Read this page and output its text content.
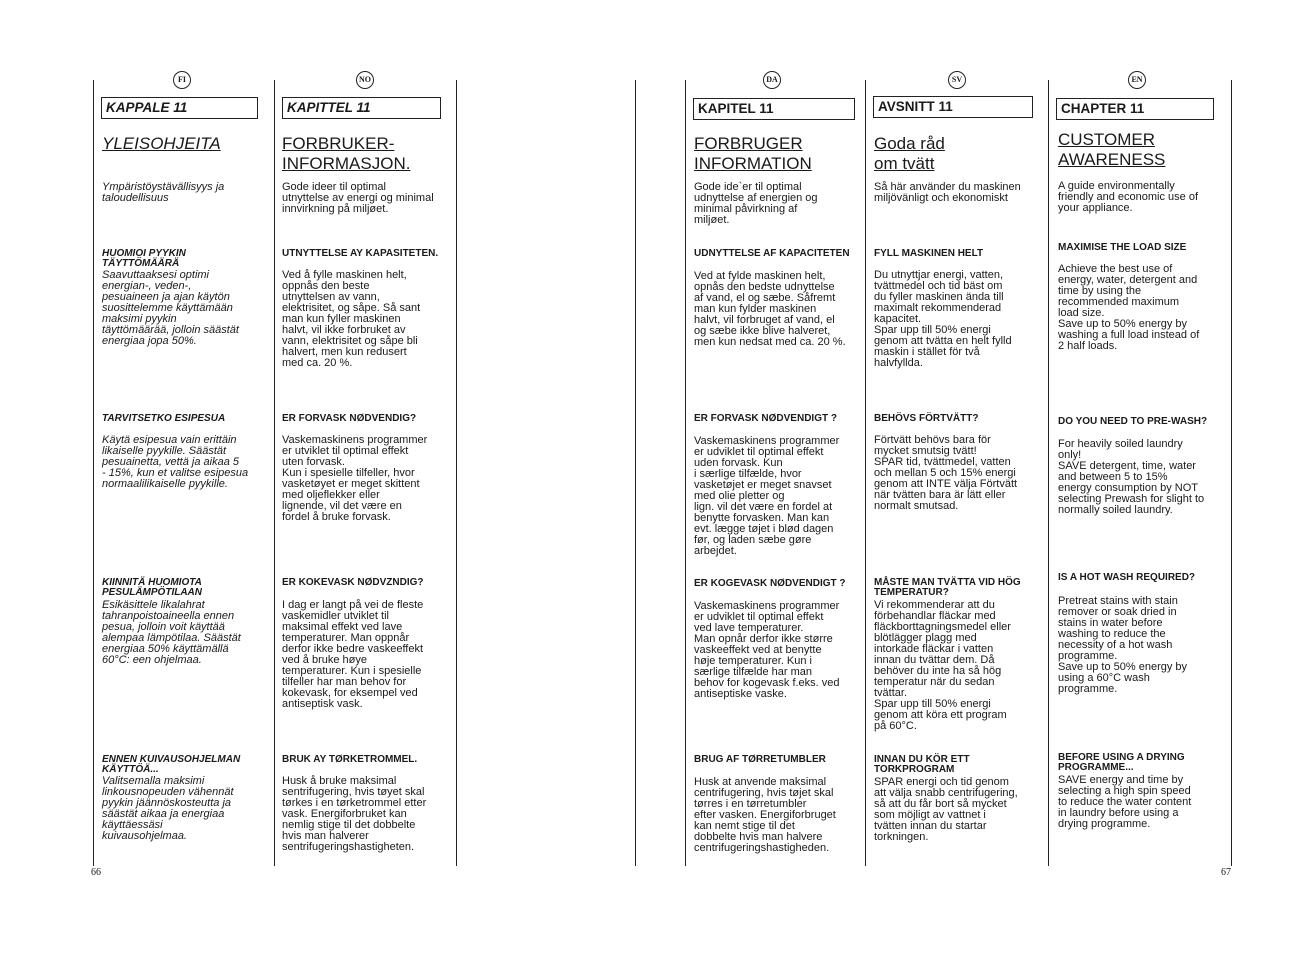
FI
KAPPALE 11
YLEISOHJEITA
Ympäristöystävällisyys ja
taloudellisuus
HUOMIOI PYYKIN
TÄYTTÖMÄÄRÄ
Saavuttaaksesi optimi
energian-, veden-,
pesuaineen ja ajan käytön
suosittelemme käyttämään
maksimi pyykin
täyttömäärää, jolloin säästät
energiaa jopa 50%.
TARVITSETKO ESIPESUA
Käytä esipesua vain erittäin
likaiselle pyykille. Säästät
pesuainetta, vettä ja aikaa 5
- 15%, kun et valitse esipesua
normaalilikaiselle pyykille.
KIINNITÄ HUOMIOTA
PESULÄMPÖTILAAN
Esikäsittele likalahrat
tahranpoistoaineella ennen
pesua, jolloin voit käyttää
alempaa lämpötilaa. Säästät
energiaa 50% käyttämällä
60°C: een ohjelmaa.
ENNEN KUIVAUSOHJELMAN
KÄYTTÖÄ...
Valitsemalla maksimi
linkousnopeuden vähennät
pyykin jäännöskosteutta ja
säästät aikaa ja energiaa
käyttäessäsi
kuivausohjelmaa.
NO
KAPITTEL 11
FORBRUKER-
INFORMASJON.
Gode ideer til optimal
utnyttelse av energi og minimal
innvirkning på miljøet.
UTNYTTELSE AY KAPASITETEN.
Ved å fylle maskinen helt,
oppnås den beste
utnyttelsen av vann,
elektrisitet, og såpe. Så sant
man kun fyller maskinen
halvt, vil ikke forbruket av
vann, elektrisitet og såpe bli
halvert, men kun redusert
med ca. 20 %.
ER FORVASK NØDVENDIG?
Vaskemaskinens programmer
er utviklet til optimal effekt
uten forvask.
Kun i spesielle tilfeller, hvor
vasketøyet er meget skittent
med oljeflekker eller
lignende, vil det være en
fordel å bruke forvask.
ER KOKEVASK NØDVZNDIG?
I dag er langt på vei de fleste
vaskemidler utviklet til
maksimal effekt ved lave
temperaturer. Man oppnår
derfor ikke bedre vaskeeffekt
ved å bruke høye
temperaturer. Kun i spesielle
tilfeller har man behov for
kokevask, for eksempel ved
antiseptisk vask.
BRUK AY TØRKETROMMEL.
Husk å bruke maksimal
sentrifugering, hvis tøyet skal
tørkes i en tørketrommel etter
vask. Energiforbruket kan
nemlig stige til det dobbelte
hvis man halverer
sentrifugeringshastigheten.
DA
KAPITEL 11
FORBRUGER
INFORMATION
Gode ide`er til optimal
udnyttelse af energien og
minimal påvirkning af
miljøet.
UDNYTTELSE AF KAPACITETEN
Ved at fylde maskinen helt,
opnås den bedste udnyttelse
af vand, el og sæbe. Såfremt
man kun fylder maskinen
halvt, vil forbruget af vand, el
og sæbe ikke blive halveret,
men kun nedsat med ca. 20 %.
ER FORVASK NØDVENDIGT ?
Vaskemaskinens programmer
er udviklet til optimal effekt
uden forvask. Kun
i særlige tilfælde, hvor
vasketøjet er meget snavset
med olie pletter og
lign. vil det være en fordel at
benytte forvasken. Man kan
evt. lægge tøjet i blød dagen
før, og laden sæbe gøre
arbejdet.
ER KOGEVASK NØDVENDIGT ?
Vaskemaskinens programmer
er udviklet til optimal effekt
ved lave temperaturer.
Man opnår derfor ikke større
vaskeeffekt ved at benytte
høje temperaturer. Kun i
særlige tilfælde har man
behov for kogevask f.eks. ved
antiseptiske vaske.
BRUG AF TØRRETUMBLER
Husk at anvende maksimal
centrifugering, hvis tøjet skal
tørres i en tørretumbler
efter vasken. Energiforbruget
kan nemt stige til det
dobbelte hvis man halvere
centrifugeringshastigheden.
SV
AVSNITT 11
Goda råd
om tvätt
Så här använder du maskinen
miljövänligt och ekonomiskt
FYLL MASKINEN HELT
Du utnyttjar energi, vatten,
tvättmedel och tid bäst om
du fyller maskinen ända till
maximalt rekommenderad
kapacitet.
Spar upp till 50% energi
genom att tvätta en helt fylld
maskin i stället för två
halvfyllda.
BEHÖVS FÖRTVÄTT?
Förtvätt behövs bara för
mycket smutsig tvätt!
SPAR tid, tvättmedel, vatten
och mellan 5 och 15% energi
genom att INTE välja Förtvätt
när tvätten bara är lätt eller
normalt smutsad.
MÅSTE MAN TVÄTTA VID HÖG
TEMPERATUR?
Vi rekommenderar att du
förbehandlar fläckar med
fläckborttagningsmedel eller
blötlägger plagg med
intorkade fläckar i vatten
innan du tvättar dem. Då
behöver du inte ha så hög
temperatur när du sedan
tvättar.
Spar upp till 50% energi
genom att köra ett program
på 60°C.
INNAN DU KÖR ETT
TORKPROGRAM
SPAR energi och tid genom
att välja snabb centrifugering,
så att du får bort så mycket
som möjligt av vattnet i
tvätten innan du startar
torkningen.
EN
CHAPTER 11
CUSTOMER
AWARENESS
A guide environmentally
friendly and economic use of
your appliance.
MAXIMISE THE LOAD SIZE
Achieve the best use of
energy, water, detergent and
time by using the
recommended maximum
load size.
Save up to 50% energy by
washing a full load instead of
2 half loads.
DO YOU NEED TO PRE-WASH?
For heavily soiled laundry
only!
SAVE detergent, time, water
and between 5 to 15%
energy consumption by NOT
selecting Prewash for slight to
normally soiled laundry.
IS A HOT WASH REQUIRED?
Pretreat stains with stain
remover or soak dried in
stains in water before
washing to reduce the
necessity of a hot wash
programme.
Save up to 50% energy by
using a 60°C wash
programme.
BEFORE USING A DRYING
PROGRAMME...
SAVE energy and time by
selecting a high spin speed
to reduce the water content
in laundry before using a
drying programme.
66	67
